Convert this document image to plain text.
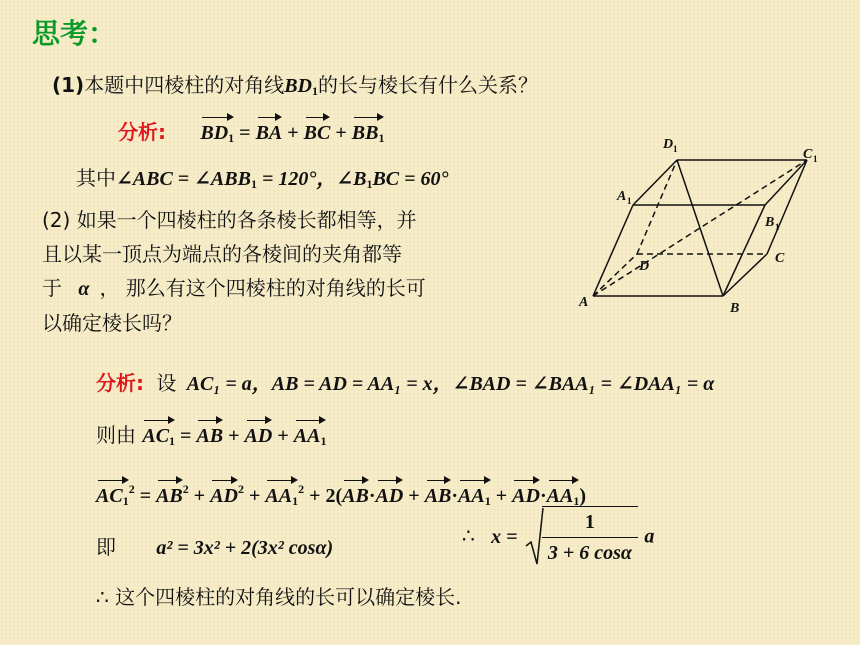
思考：
(1)本题中四棱柱的对角线$BD_1$的长与棱长有什么关系？
分析: $BD_1$ = BA + BC + $BB_1$
其中∠ABC = $\angle ABB_1 = 120^\circ$，$\angle B_1BC = 60^\circ$
(2) 如果一个四棱柱的各条棱长都相等，并
且以某一顶点为端点的各棱间的夹角都等
于 α ， 那么有这个四棱柱的对角线的长可
以确定棱长吗？
A	B
C
D
A 1
B 1
C 1
D 1
分析: 设 AC₁ = a，AB = AD = AA₁ = x，∠BAD = ∠BAA₁ = ∠DAA₁ = α
则由 $AC_1$ = AB + AD + $AA_1$
$AC_1^2 = AB^2 + AD^2 + AA_1^2 + 2(AB\cdot AD + AB\cdot AA_1 + AD\cdot AA_1)$
即 a² = 3x² + 2(3x² cosα)
∴ $x = \frac{1}{3 + 6 \cos\alpha}$ a
∴ 这个四棱柱的对角线的长可以确定棱长.
